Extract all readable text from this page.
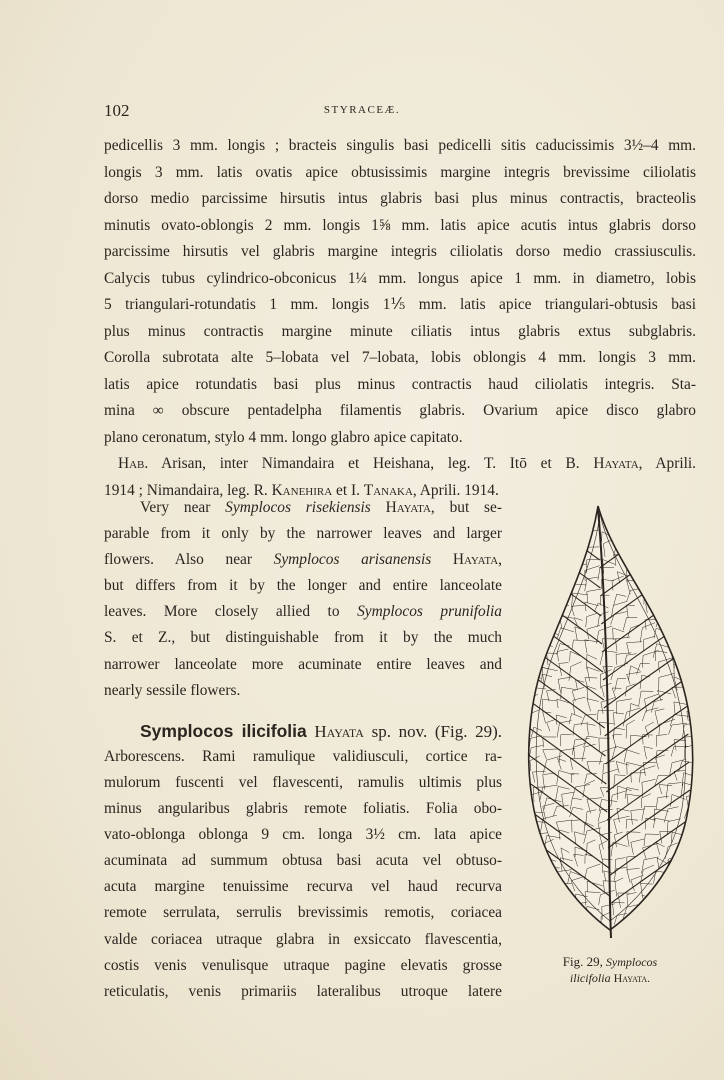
102	STYRACEÆ.
pedicellis 3 mm. longis ; bracteis singulis basi pedicelli sitis caducissimis 3½–4 mm.
longis 3 mm. latis ovatis apice obtusissimis margine integris brevissime ciliolatis
dorso medio parcissime hirsutis intus glabris basi plus minus contractis, bracteolis
minutis ovato-oblongis 2 mm. longis 1⅝ mm. latis apice acutis intus glabris dorso
parcissime hirsutis vel glabris margine integris ciliolatis dorso medio crassiusculis.
Calycis tubus cylindrico-obconicus 1¼ mm. longus apice 1 mm. in diametro, lobis
5 triangulari-rotundatis 1 mm. longis 1⅕ mm. latis apice triangulari-obtusis basi
plus minus contractis margine minute ciliatis intus glabris extus subglabris.
Corolla subrotata alte 5–lobata vel 7–lobata, lobis oblongis 4 mm. longis 3 mm.
latis apice rotundatis basi plus minus contractis haud ciliolatis integris. Sta-
mina ∞ obscure pentadelpha filamentis glabris. Ovarium apice disco glabro
plano ceronatum, stylo 4 mm. longo glabro apice capitato.
Hab. Arisan, inter Nimandaira et Heishana, leg. T. Itō et B. Hayata, Aprili.
1914 ; Nimandaira, leg. R. Kanehira et I. Tanaka, Aprili. 1914.
Very near Symplocos risekiensis Hayata, but se-
parable from it only by the narrower leaves and larger
flowers. Also near Symplocos arisanensis Hayata,
but differs from it by the longer and entire lanceolate
leaves. More closely allied to Symplocos prunifolia
S. et Z., but distinguishable from it by the much
narrower lanceolate more acuminate entire leaves and
nearly sessile flowers.
Symplocos ilicifolia Hayata sp. nov. (Fig. 29).
Arborescens. Rami ramulique validiusculi, cortice ra-
mulorum fuscenti vel flavescenti, ramulis ultimis plus
minus angularibus glabris remote foliatis. Folia obo-
vato-oblonga oblonga 9 cm. longa 3½ cm. lata apice
acuminata ad summum obtusa basi acuta vel obtuso-
acuta margine tenuissime recurva vel haud recurva
remote serrulata, serrulis brevissimis remotis, coriacea
valde coriacea utraque glabra in exsiccato flavescentia,
costis venis venulisque utraque pagine elevatis grosse
reticulatis, venis primariis lateralibus utroque latere
Fig. 29, Symplocos
ilicifolia Hayata.
